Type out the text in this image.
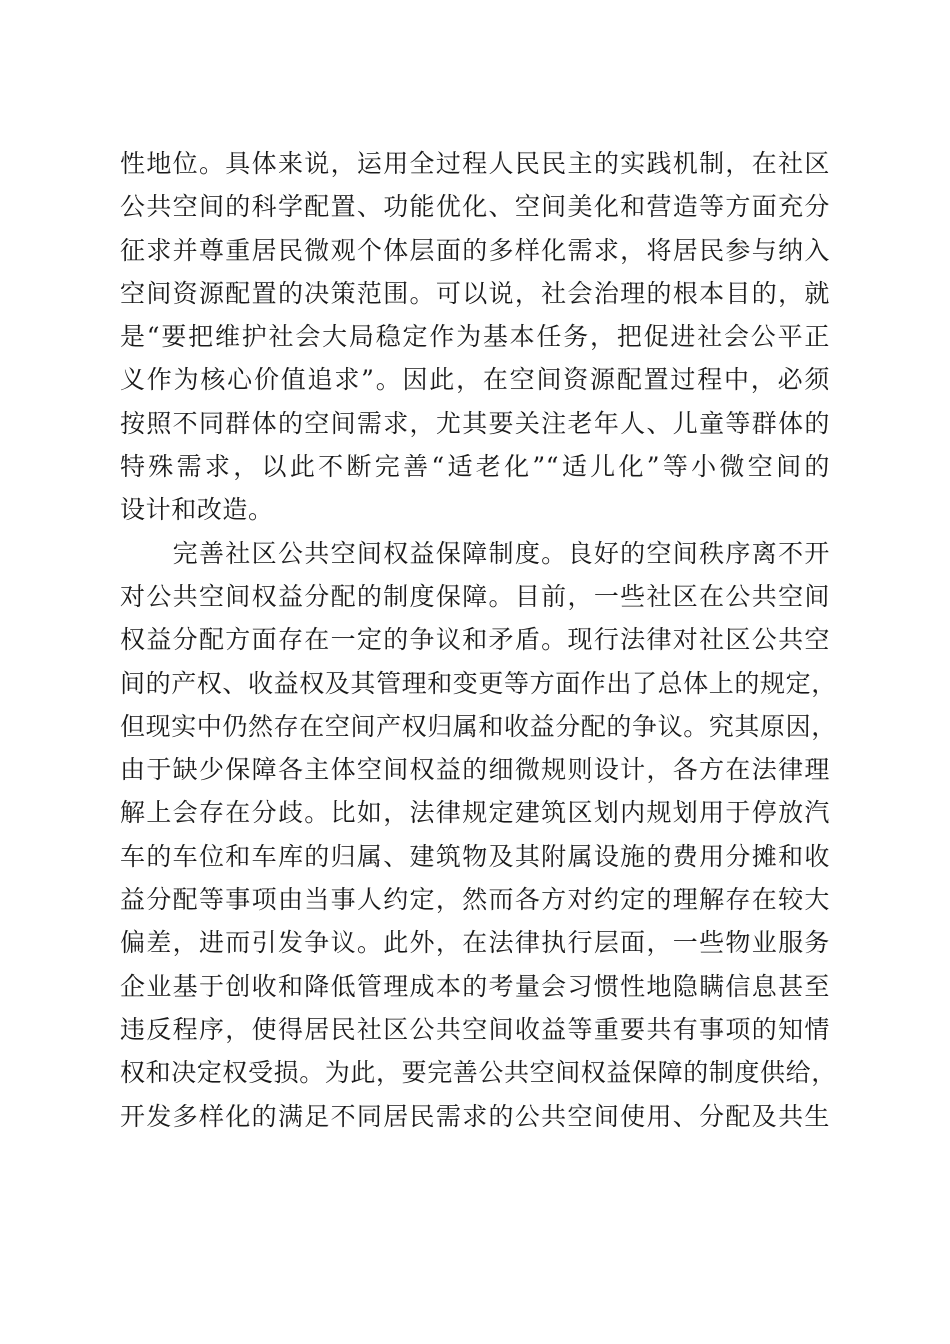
性地位。具体来说，运用全过程人民民主的实践机制，在社区
公共空间的科学配置、功能优化、空间美化和营造等方面充分
征求并尊重居民微观个体层面的多样化需求，将居民参与纳入
空间资源配置的决策范围。可以说，社会治理的根本目的，就
是“要把维护社会大局稳定作为基本任务，把促进社会公平正
义作为核心价值追求”。因此，在空间资源配置过程中，必须
按照不同群体的空间需求，尤其要关注老年人、儿童等群体的
特殊需求，以此不断完善“适老化”“适儿化”等小微空间的
设计和改造。
　　完善社区公共空间权益保障制度。良好的空间秩序离不开
对公共空间权益分配的制度保障。目前，一些社区在公共空间
权益分配方面存在一定的争议和矛盾。现行法律对社区公共空
间的产权、收益权及其管理和变更等方面作出了总体上的规定，
但现实中仍然存在空间产权归属和收益分配的争议。究其原因，
由于缺少保障各主体空间权益的细微规则设计，各方在法律理
解上会存在分歧。比如，法律规定建筑区划内规划用于停放汽
车的车位和车库的归属、建筑物及其附属设施的费用分摊和收
益分配等事项由当事人约定，然而各方对约定的理解存在较大
偏差，进而引发争议。此外，在法律执行层面，一些物业服务
企业基于创收和降低管理成本的考量会习惯性地隐瞒信息甚至
违反程序，使得居民社区公共空间收益等重要共有事项的知情
权和决定权受损。为此，要完善公共空间权益保障的制度供给，
开发多样化的满足不同居民需求的公共空间使用、分配及共生
